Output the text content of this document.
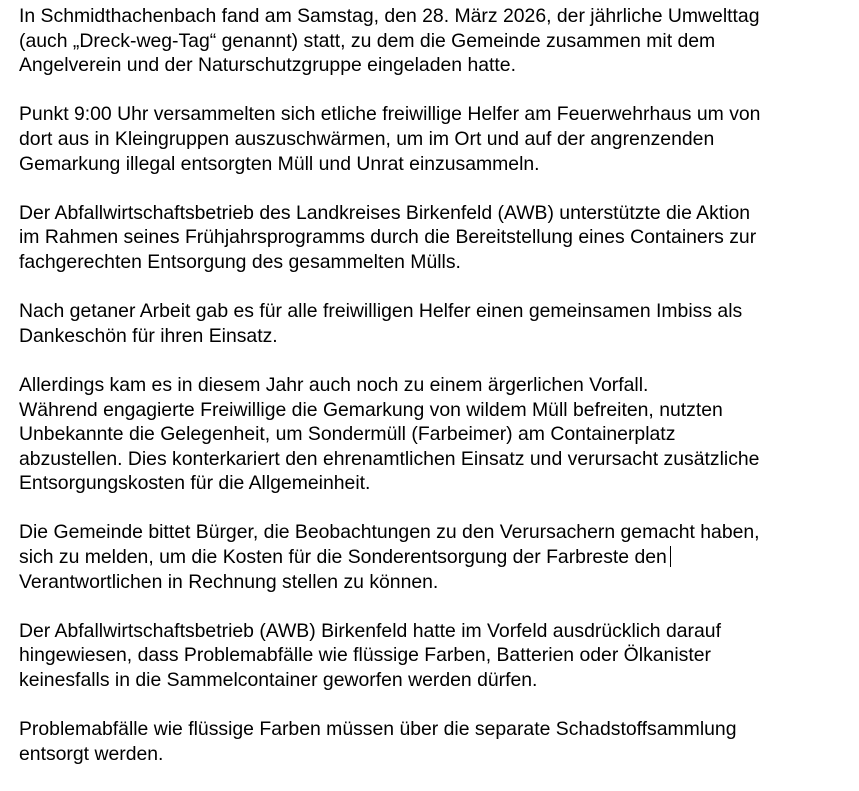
In Schmidthachenbach fand am Samstag, den 28. März 2026, der jährliche Umwelttag
(auch „Dreck-weg-Tag“ genannt) statt, zu dem die Gemeinde zusammen mit dem
Angelverein und der Naturschutzgruppe eingeladen hatte.

Punkt 9:00 Uhr versammelten sich etliche freiwillige Helfer am Feuerwehrhaus um von
dort aus in Kleingruppen auszuschwärmen, um im Ort und auf der angrenzenden
Gemarkung illegal entsorgten Müll und Unrat einzusammeln.

Der Abfallwirtschaftsbetrieb des Landkreises Birkenfeld (AWB) unterstützte die Aktion
im Rahmen seines Frühjahrsprogramms durch die Bereitstellung eines Containers zur
fachgerechten Entsorgung des gesammelten Mülls.

Nach getaner Arbeit gab es für alle freiwilligen Helfer einen gemeinsamen Imbiss als
Dankeschön für ihren Einsatz.

Allerdings kam es in diesem Jahr auch noch zu einem ärgerlichen Vorfall.
Während engagierte Freiwillige die Gemarkung von wildem Müll befreiten, nutzten
Unbekannte die Gelegenheit, um Sondermüll (Farbeimer) am Containerplatz
abzustellen. Dies konterkariert den ehrenamtlichen Einsatz und verursacht zusätzliche
Entsorgungskosten für die Allgemeinheit.

Die Gemeinde bittet Bürger, die Beobachtungen zu den Verursachern gemacht haben,
sich zu melden, um die Kosten für die Sonderentsorgung der Farbreste den
Verantwortlichen in Rechnung stellen zu können.

Der Abfallwirtschaftsbetrieb (AWB) Birkenfeld hatte im Vorfeld ausdrücklich darauf
hingewiesen, dass Problemabfälle wie flüssige Farben, Batterien oder Ölkanister
keinesfalls in die Sammelcontainer geworfen werden dürfen.

Problemabfälle wie flüssige Farben müssen über die separate Schadstoffsammlung
entsorgt werden.
